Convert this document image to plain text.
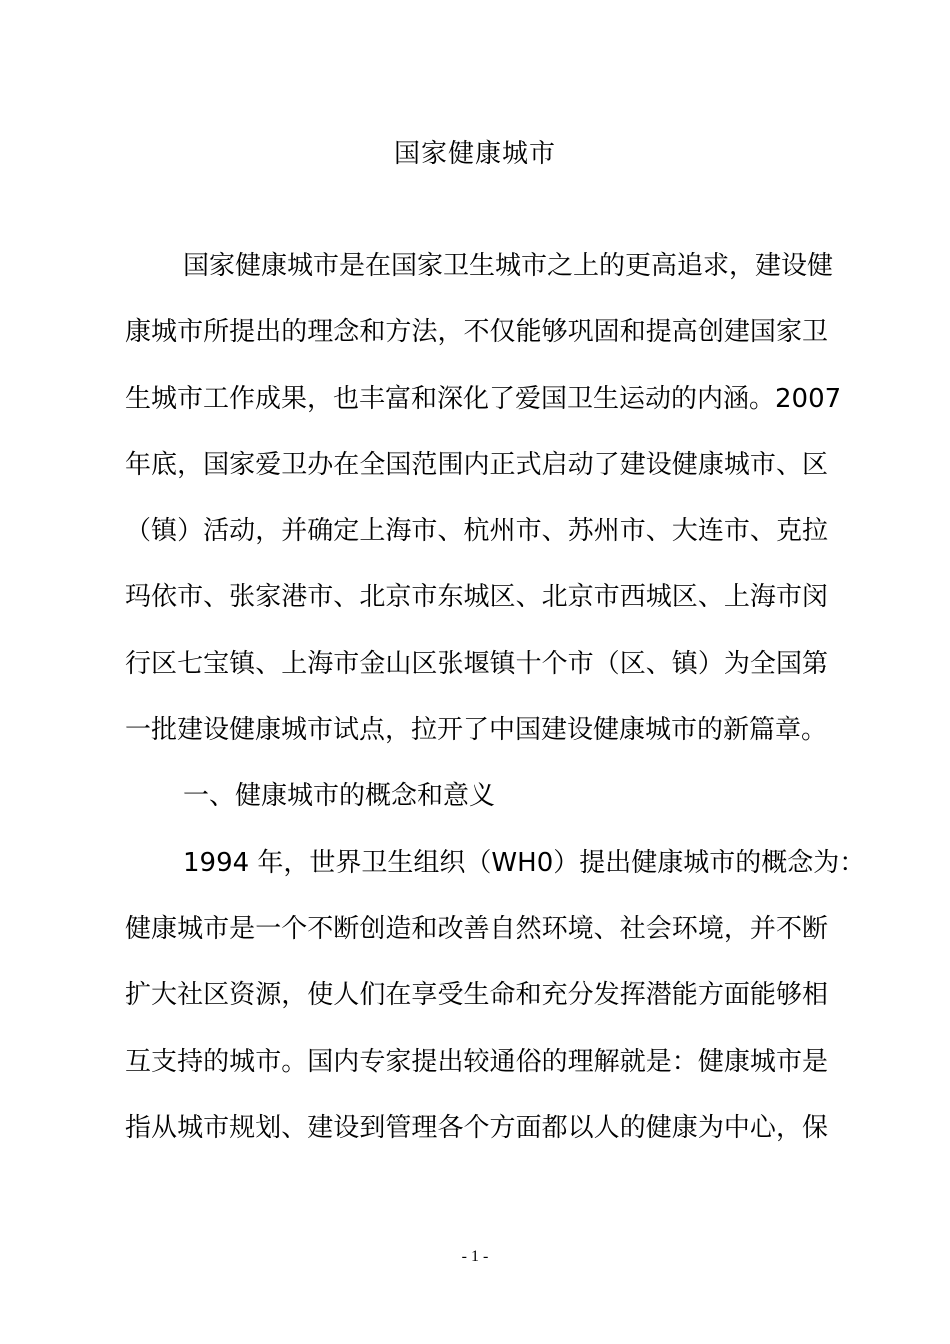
国家健康城市
国家健康城市是在国家卫生城市之上的更高追求，建设健
康城市所提出的理念和方法，不仅能够巩固和提高创建国家卫
生城市工作成果，也丰富和深化了爱国卫生运动的内涵。2007
年底，国家爱卫办在全国范围内正式启动了建设健康城市、区
（镇）活动，并确定上海市、杭州市、苏州市、大连市、克拉
玛依市、张家港市、北京市东城区、北京市西城区、上海市闵
行区七宝镇、上海市金山区张堰镇十个市（区、镇）为全国第
一批建设健康城市试点，拉开了中国建设健康城市的新篇章。
一、健康城市的概念和意义
1994 年，世界卫生组织（WH0）提出健康城市的概念为：
健康城市是一个不断创造和改善自然环境、社会环境，并不断
扩大社区资源，使人们在享受生命和充分发挥潜能方面能够相
互支持的城市。国内专家提出较通俗的理解就是：健康城市是
指从城市规划、建设到管理各个方面都以人的健康为中心，保
- 1 -
